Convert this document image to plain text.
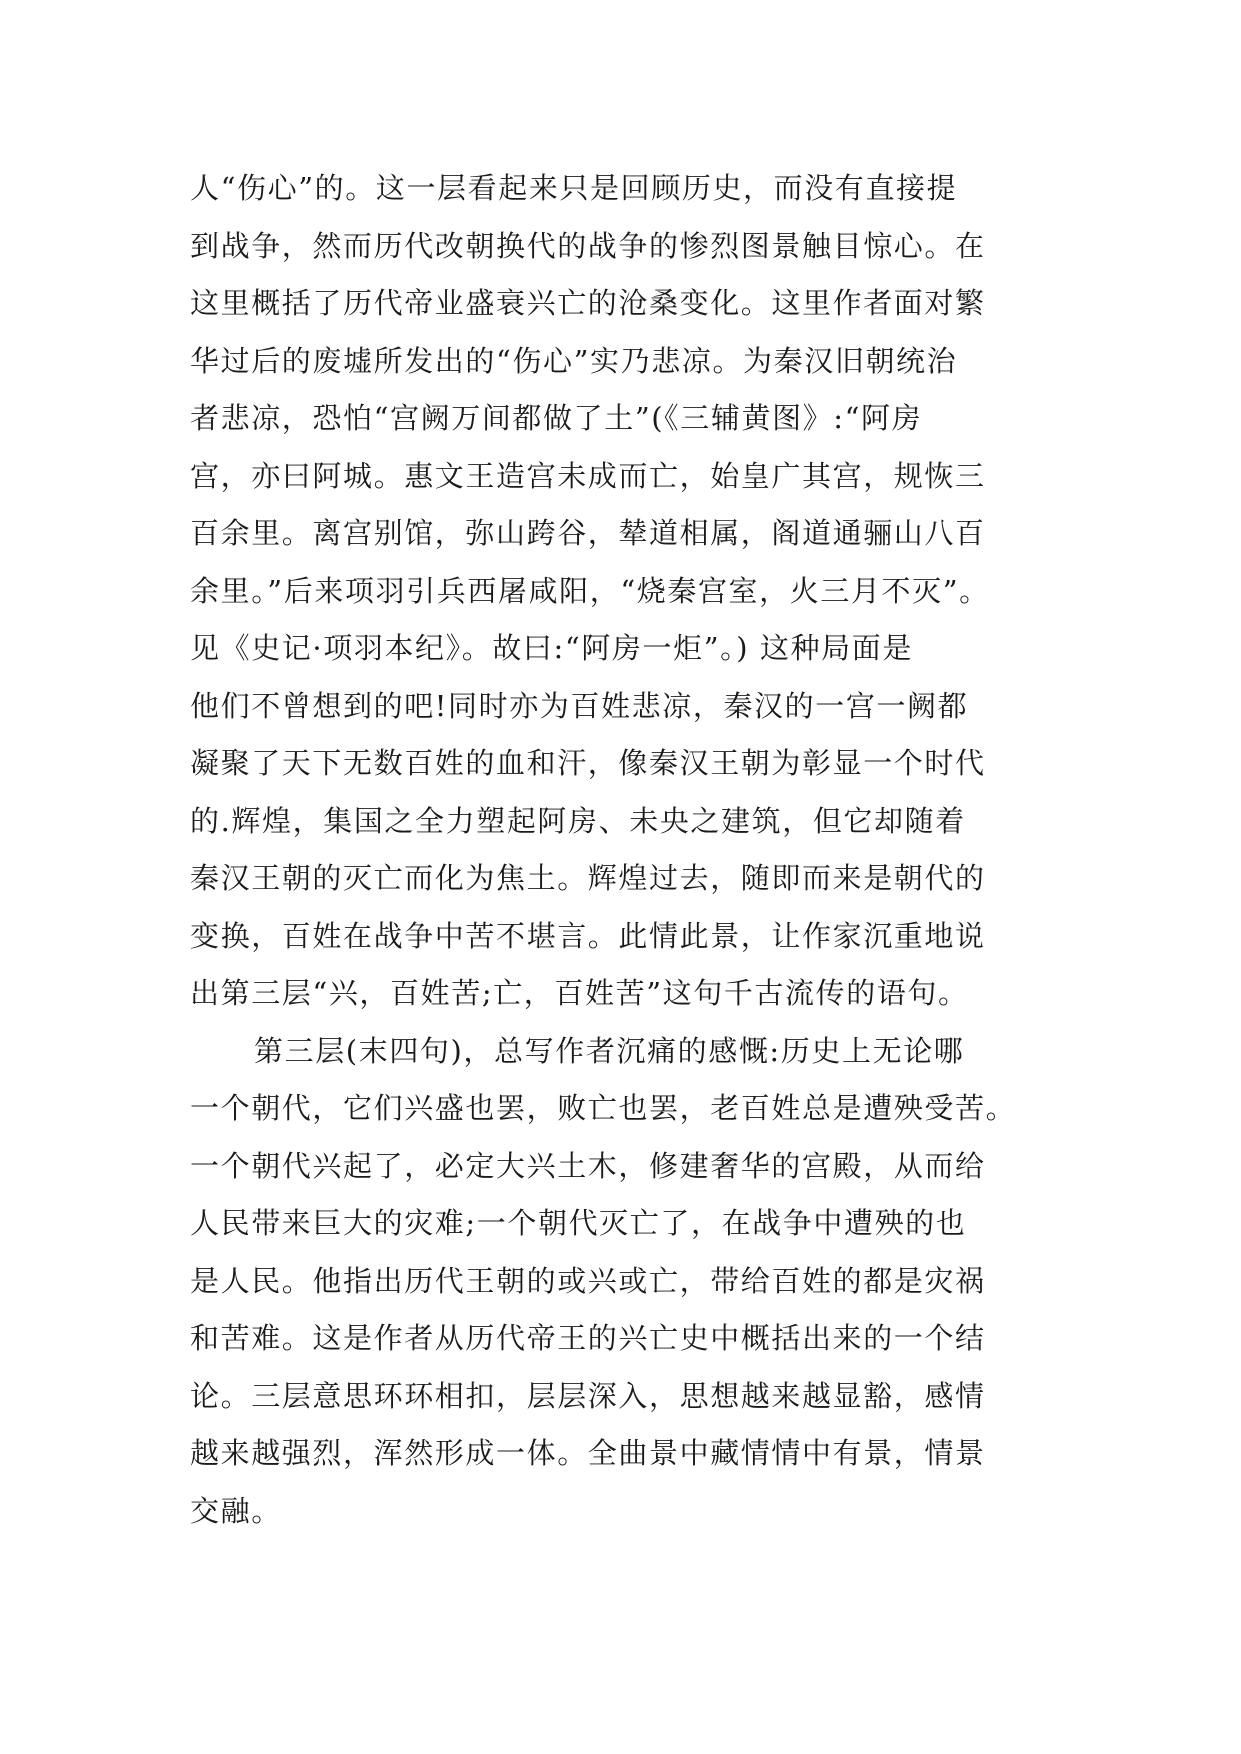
人“伤心”的。这一层看起来只是回顾历史，而没有直接提
到战争，然而历代改朝换代的战争的惨烈图景触目惊心。在
这里概括了历代帝业盛衰兴亡的沧桑变化。这里作者面对繁
华过后的废墟所发出的“伤心”实乃悲凉。为秦汉旧朝统治
者悲凉，恐怕“宫阙万间都做了土”(《三辅黄图》:“阿房
宫，亦曰阿城。惠文王造宫未成而亡，始皇广其宫，规恢三
百余里。离宫别馆，弥山跨谷，辇道相属，阁道通骊山八百
余里。”后来项羽引兵西屠咸阳，“烧秦宫室，火三月不灭”。
见《史记·项羽本纪》。故曰:“阿房一炬”。) 这种局面是
他们不曾想到的吧!同时亦为百姓悲凉，秦汉的一宫一阙都
凝聚了天下无数百姓的血和汗，像秦汉王朝为彰显一个时代
的.辉煌，集国之全力塑起阿房、未央之建筑，但它却随着
秦汉王朝的灭亡而化为焦土。辉煌过去，随即而来是朝代的
变换，百姓在战争中苦不堪言。此情此景，让作家沉重地说
出第三层“兴，百姓苦;亡，百姓苦”这句千古流传的语句。
第三层(末四句)，总写作者沉痛的感慨:历史上无论哪
一个朝代，它们兴盛也罢，败亡也罢，老百姓总是遭殃受苦。
一个朝代兴起了，必定大兴土木，修建奢华的宫殿，从而给
人民带来巨大的灾难;一个朝代灭亡了，在战争中遭殃的也
是人民。他指出历代王朝的或兴或亡，带给百姓的都是灾祸
和苦难。这是作者从历代帝王的兴亡史中概括出来的一个结
论。三层意思环环相扣，层层深入，思想越来越显豁，感情
越来越强烈，浑然形成一体。全曲景中藏情情中有景，情景
交融。
